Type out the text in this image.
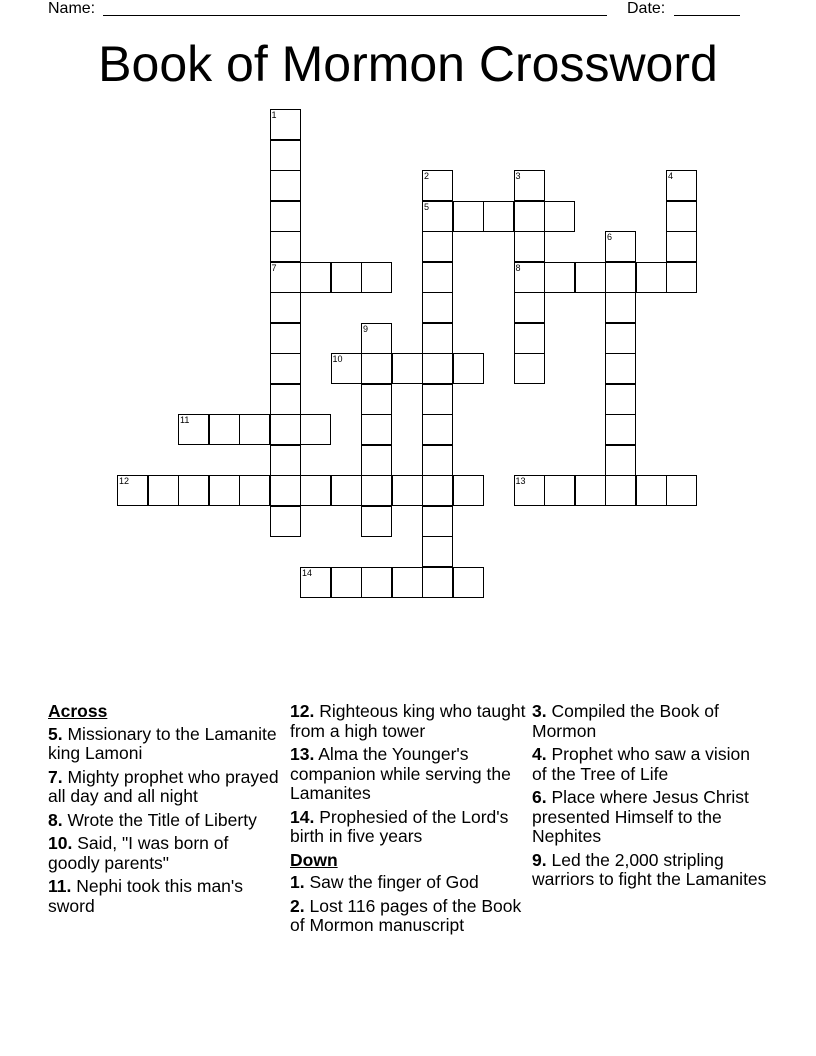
Name:	Date:
Book of Mormon Crossword
1
7
2
5
3
8
4
6
9
10
11
12	13
14
Across
5. Missionary to the Lamanite king Lamoni
7. Mighty prophet who prayed all day and all night
8. Wrote the Title of Liberty
10. Said, "I was born of goodly parents"
11. Nephi took this man's sword
12. Righteous king who taught from a high tower
13. Alma the Younger's companion while serving the Lamanites
14. Prophesied of the Lord's birth in five years
Down
1. Saw the finger of God
2. Lost 116 pages of the Book of Mormon manuscript
3. Compiled the Book of Mormon
4. Prophet who saw a vision of the Tree of Life
6. Place where Jesus Christ presented Himself to the Nephites
9. Led the 2,000 stripling warriors to fight the Lamanites
